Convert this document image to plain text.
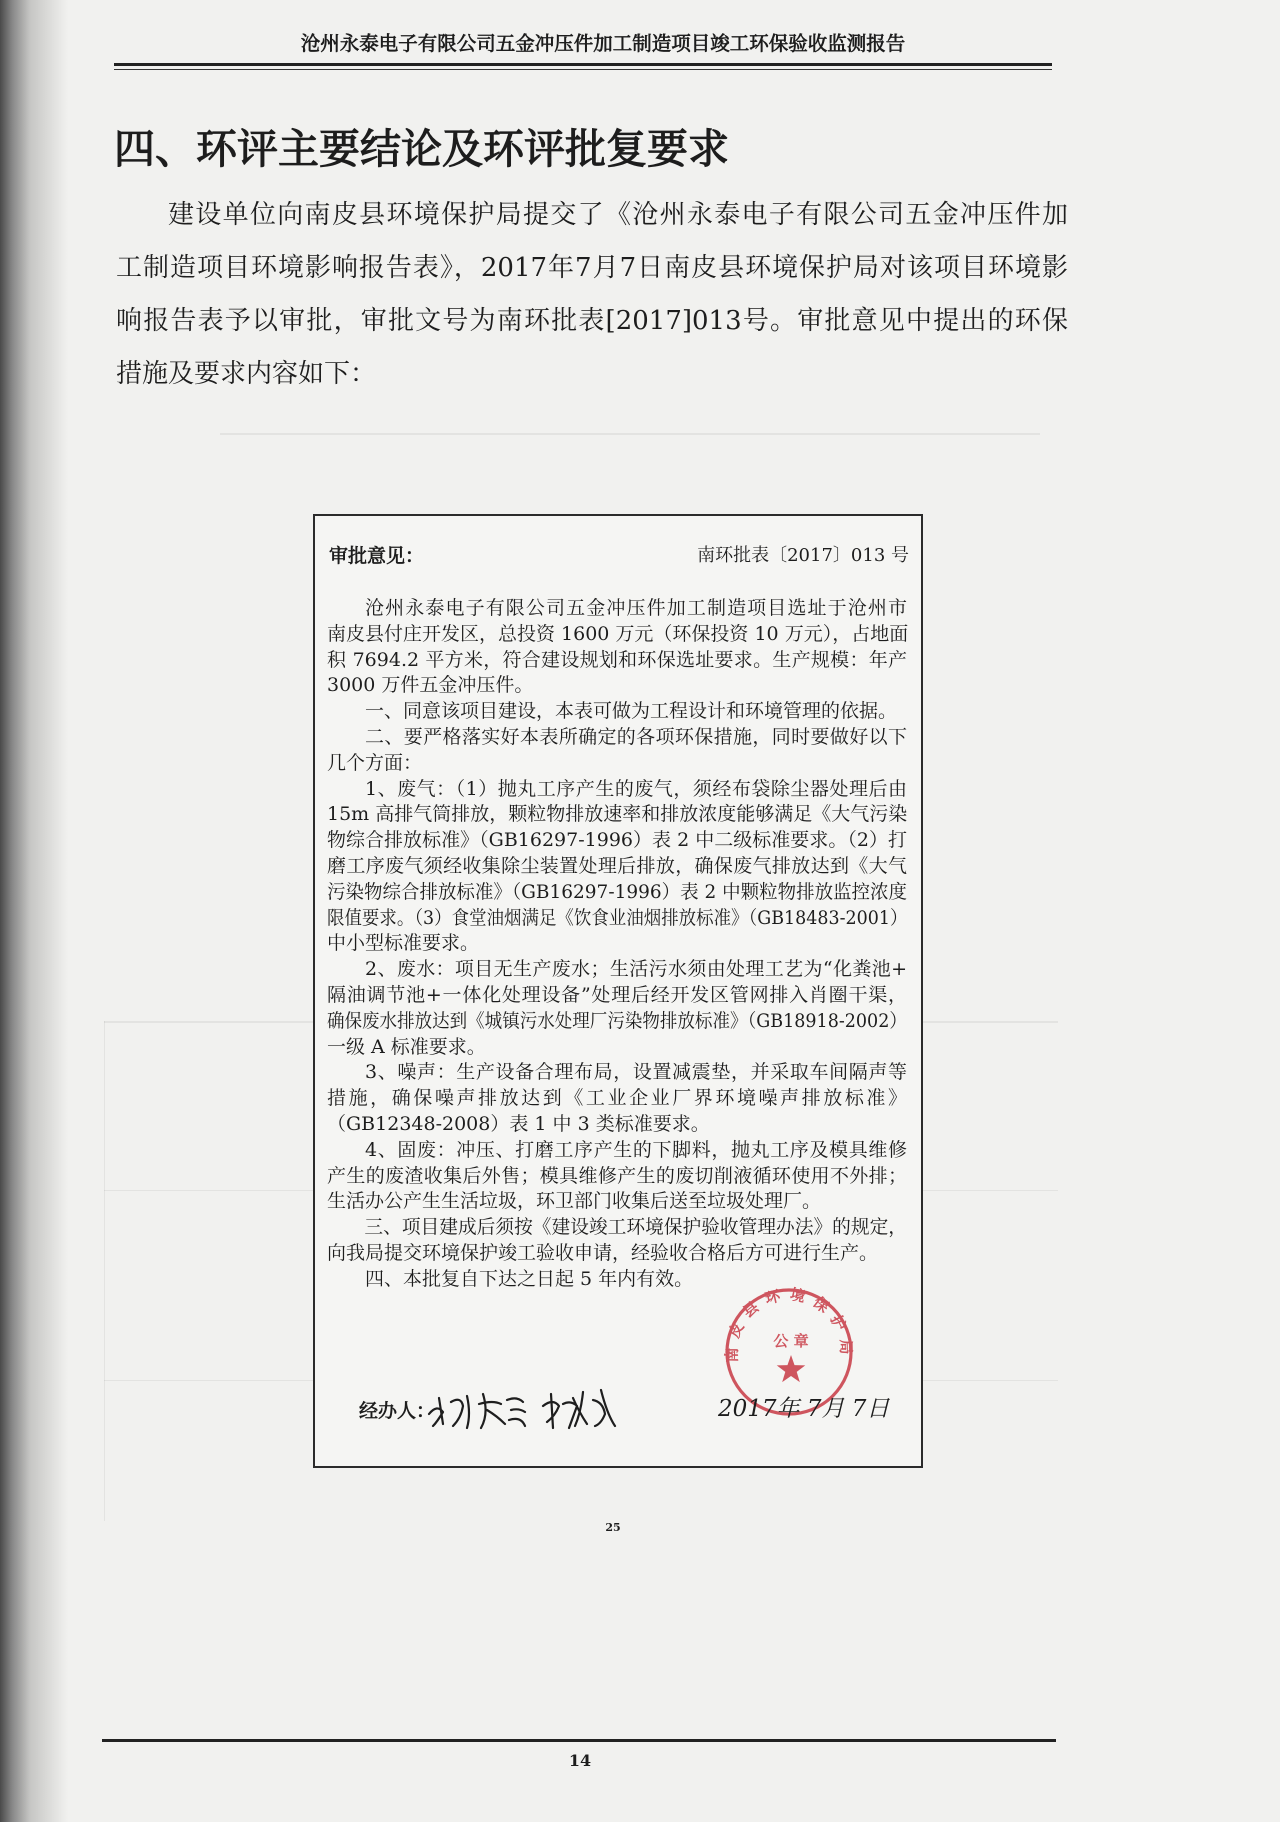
沧州永泰电子有限公司五金冲压件加工制造项目竣工环保验收监测报告
四、环评主要结论及环评批复要求
建设单位向南皮县环境保护局提交了《沧州永泰电子有限公司五金冲压件加
工制造项目环境影响报告表》，2017年7月7日南皮县环境保护局对该项目环境影
响报告表予以审批，审批文号为南环批表[2017]013号。审批意见中提出的环保
措施及要求内容如下：
审批意见：	南环批表〔2017〕013 号
沧州永泰电子有限公司五金冲压件加工制造项目选址于沧州市
南皮县付庄开发区，总投资 1600 万元（环保投资 10 万元），占地面
积 7694.2 平方米，符合建设规划和环保选址要求。生产规模：年产
3000 万件五金冲压件。
一、同意该项目建设，本表可做为工程设计和环境管理的依据。
二、要严格落实好本表所确定的各项环保措施，同时要做好以下
几个方面：
1、废气：（1）抛丸工序产生的废气，须经布袋除尘器处理后由
15m 高排气筒排放，颗粒物排放速率和排放浓度能够满足《大气污染
物综合排放标准》（GB16297-1996）表 2 中二级标准要求。（2）打
磨工序废气须经收集除尘装置处理后排放，确保废气排放达到《大气
污染物综合排放标准》（GB16297-1996）表 2 中颗粒物排放监控浓度
限值要求。（3）食堂油烟满足《饮食业油烟排放标准》（GB18483-2001）
中小型标准要求。
2、废水：项目无生产废水；生活污水须由处理工艺为“化粪池+
隔油调节池+一体化处理设备”处理后经开发区管网排入肖圈干渠，
确保废水排放达到《城镇污水处理厂污染物排放标准》（GB18918-2002）
一级 A 标准要求。
3、噪声：生产设备合理布局，设置减震垫，并采取车间隔声等
措施，确保噪声排放达到《工业企业厂界环境噪声排放标准》
（GB12348-2008）表 1 中 3 类标准要求。
4、固废：冲压、打磨工序产生的下脚料，抛丸工序及模具维修
产生的废渣收集后外售；模具维修产生的废切削液循环使用不外排；
生活办公产生生活垃圾，环卫部门收集后送至垃圾处理厂。
三、项目建成后须按《建设竣工环境保护验收管理办法》的规定，
向我局提交环境保护竣工验收申请，经验收合格后方可进行生产。
四、本批复自下达之日起 5 年内有效。
南皮县环境保护局
公 章
经办人：	2017年 7月 7日
25
14
